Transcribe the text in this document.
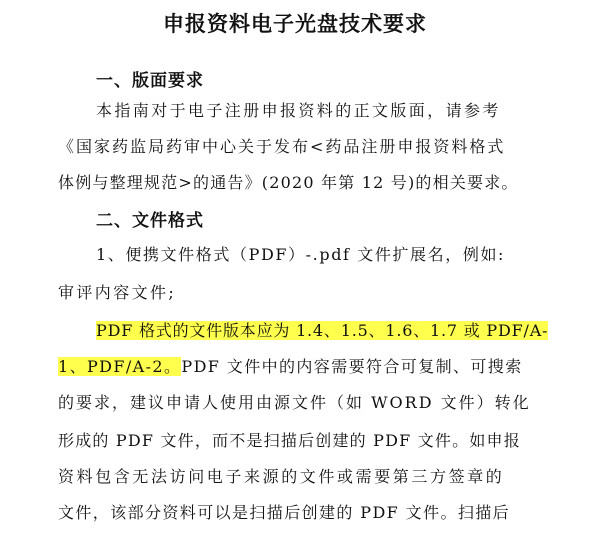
申报资料电子光盘技术要求
一、版面要求

本指南对于电子注册申报资料的正文版面，请参考

《国家药监局药审中心关于发布<药品注册申报资料格式

体例与整理规范>的通告》(2020 年第 12 号)的相关要求。

二、文件格式

1、便携文件格式（PDF）-.pdf 文件扩展名，例如:

审评内容文件;

PDF 格式的文件版本应为 1.4、1.5、1.6、1.7 或 PDF/A-

1、PDF/A-2。PDF 文件中的内容需要符合可复制、可搜索

的要求，建议申请人使用由源文件（如 WORD 文件）转化

形成的 PDF 文件，而不是扫描后创建的 PDF 文件。如申报

资料包含无法访问电子来源的文件或需要第三方签章的

文件，该部分资料可以是扫描后创建的 PDF 文件。扫描后
